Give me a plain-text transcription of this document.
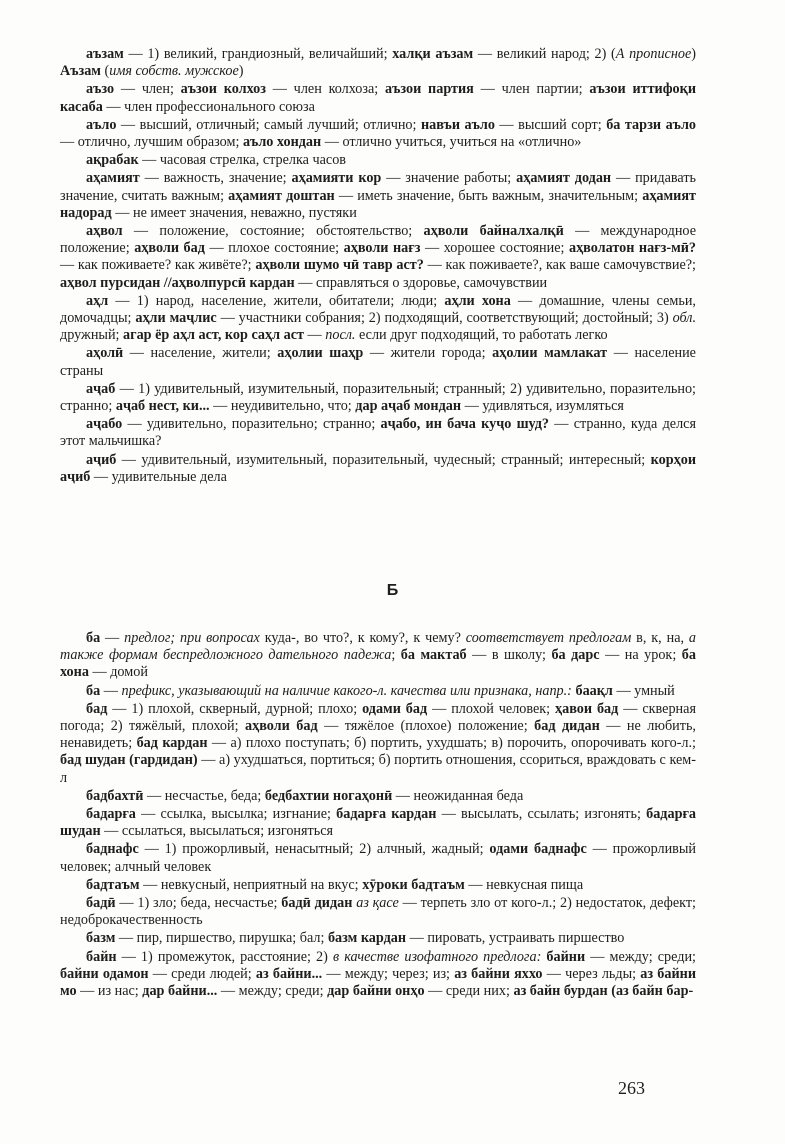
аъзам — 1) великий, грандиозный, величайший; халқи аъзам — великий народ; 2) (А прописное) Аъзам (имя собств. мужское)

аъзо — член; аъзои колхоз — член колхоза; аъзои партия — член партии; аъзои иттифоқи касаба — член профессионального союза

аъло — высший, отличный; самый лучший; отлично; навъи аъло — высший сорт; ба тарзи аъло — отлично, лучшим образом; аъло хондан — отлично учиться, учиться на «отлично»

ақрабак — часовая стрелка, стрелка часов

аҳамият — важность, значение; аҳамияти кор — значение работы; аҳамият додан — придавать значение, считать важным; аҳамият доштан — иметь значение, быть важным, значительным; аҳамият надорад — не имеет значения, неважно, пустяки

аҳвол — положение, состояние; обстоятельство; аҳволи байналхалқӣ — международное положение; аҳволи бад — плохое состояние; аҳволи нағз — хорошее состояние; аҳволатон нағз-мӣ? — как поживаете? как живёте?; аҳволи шумо чӣ тавр аст? — как поживаете?, как ваше самочувствие?; аҳвол пурсидан //аҳволпурсӣ кардан — справляться о здоровье, самочувствии

аҳл — 1) народ, население, жители, обитатели; люди; аҳли хона — домашние, члены семьи, домочадцы; аҳли маҷлис — участники собрания; 2) подходящий, соответствующий; достойный; 3) обл. дружный; агар ёр аҳл аст, кор саҳл аст — посл. если друг подходящий, то работать легко

аҳолӣ — население, жители; аҳолии шаҳр — жители города; аҳолии мамлакат — население страны

аҷаб — 1) удивительный, изумительный, поразительный; странный; 2) удивительно, поразительно; странно; аҷаб нест, ки... — неудивительно, что; дар аҷаб мондан — удивляться, изумляться

аҷабо — удивительно, поразительно; странно; аҷабо, ин бача куҷо шуд? — странно, куда делся этот мальчишка?

аҷиб — удивительный, изумительный, поразительный, чудесный; странный; интересный; корҳои аҷиб — удивительные дела

Б

ба — предлог; при вопросах куда-, во что?, к кому?, к чему? соответствует предлогам в, к, на, а также формам беспредложного дательного падежа; ба мактаб — в школу; ба дарс — на урок; ба хона — домой

ба — префикс, указывающий на наличие какого-л. качества или признака, напр.: баақл — умный

бад — 1) плохой, скверный, дурной; плохо; одами бад — плохой человек; ҳавои бад — скверная погода; 2) тяжёлый, плохой; аҳволи бад — тяжёлое (плохое) положение; бад дидан — не любить, ненавидеть; бад кардан — а) плохо поступать; б) портить, ухудшать; в) порочить, опорочивать кого-л.; бад шудан (гардидан) — а) ухудшаться, портиться; б) портить отношения, ссориться, враждовать с кем-л

бадбахтӣ — несчастье, беда; бедбахтии ногаҳонӣ — неожиданная беда

бадарға — ссылка, высылка; изгнание; бадарға кардан — высылать, ссылать; изгонять; бадарға шудан — ссылаться, высылаться; изгоняться

баднафс — 1) прожорливый, ненасытный; 2) алчный, жадный; одами баднафс — прожорливый человек; алчный человек

бадтаъм — невкусный, неприятный на вкус; хӯроки бадтаъм — невкусная пища

бадӣ — 1) зло; беда, несчастье; бадӣ дидан аз қасе — терпеть зло от кого-л.; 2) недостаток, дефект; недоброкачественность

базм — пир, пиршество, пирушка; бал; базм кардан — пировать, устраивать пиршество

байн — 1) промежуток, расстояние; 2) в качестве изофатного предлога: байни — между; среди; байни одамон — среди людей; аз байни... — между; через; из; аз байни яххо — через льды; аз байни мо — из нас; дар байни... — между; среди; дар байни онҳо — среди них; аз байн бурдан (аз байн бар-

263
